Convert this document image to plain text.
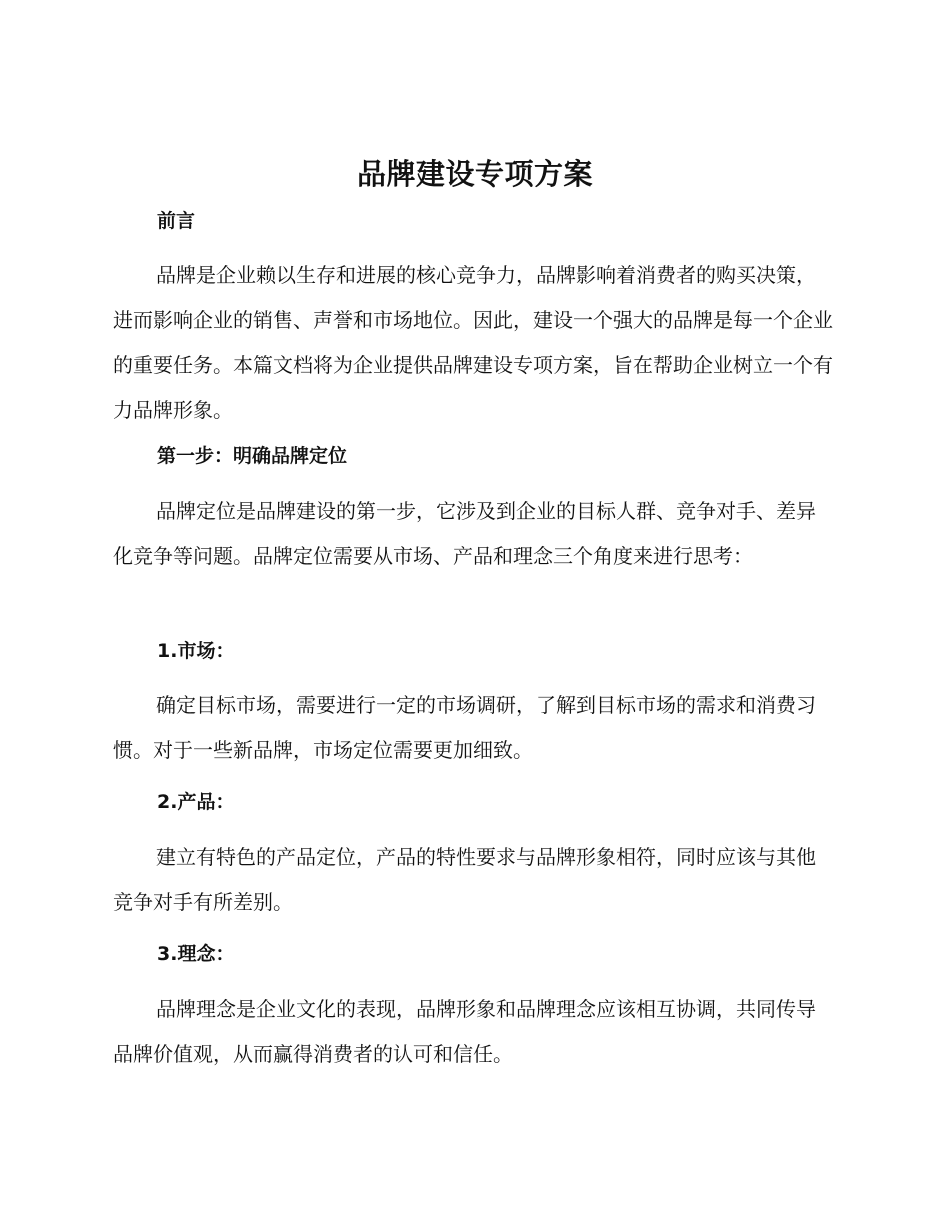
品牌建设专项方案
前言

品牌是企业赖以生存和进展的核心竞争力，品牌影响着消费者的购买决策，进而影响企业的销售、声誉和市场地位。因此，建设一个强大的品牌是每一个企业的重要任务。本篇文档将为企业提供品牌建设专项方案，旨在帮助企业树立一个有力品牌形象。

第一步：明确品牌定位

品牌定位是品牌建设的第一步，它涉及到企业的目标人群、竞争对手、差异化竞争等问题。品牌定位需要从市场、产品和理念三个角度来进行思考：

1.市场：

确定目标市场，需要进行一定的市场调研，了解到目标市场的需求和消费习惯。对于一些新品牌，市场定位需要更加细致。

2.产品：

建立有特色的产品定位，产品的特性要求与品牌形象相符，同时应该与其他竞争对手有所差别。

3.理念：

品牌理念是企业文化的表现，品牌形象和品牌理念应该相互协调，共同传导品牌价值观，从而赢得消费者的认可和信任。
